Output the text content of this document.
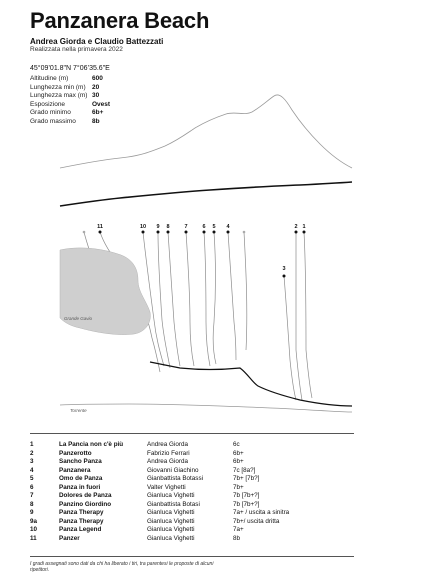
Panzanera Beach
Andrea Giorda e Claudio Battezzati
Realizzata nella primavera 2022
45°09’01.8"N 7°06’35.6"E
Altitudine (m)	600
Lunghezza min (m)	20
Lunghezza max (m)	30
Esposizione	Ovest
Grado minimo	6b+
Grado massimo	8b
11	10 9 8	7	6 5 4
3
2 1
Grande Gavio
Torrente
1	La Pancia non c'è più	Andrea Giorda	6c
2	Panzerotto	Fabrizio Ferrari	6b+
3	Sancho Panza	Andrea Giorda	6b+
4	Panzanera	Giovanni Giachino	7c [8a?]
5	Omo de Panza	Gianbattista Botassi	7b+ [7b?]
6	Panza in fuori	Valter Vighetti	7b+
7	Dolores de Panza	Gianluca Vighetti	7b [7b+?]
8	Panzino Giordino	Gianbattista Botasi	7b [7b+?]
9	Panza Therapy	Gianluca Vighetti	7a+ / uscita a sinitra
9a	Panza Therapy	Gianluca Vighetti	7b+/ uscita dritta
10	Panza Legend	Gianluca Vighetti	7a+
11	Panzer	Gianluca Vighetti	8b
I gradi assegnati sono dati da chi ha liberato i tiri, tra parentesi le proposte di alcuni ripetitori.
